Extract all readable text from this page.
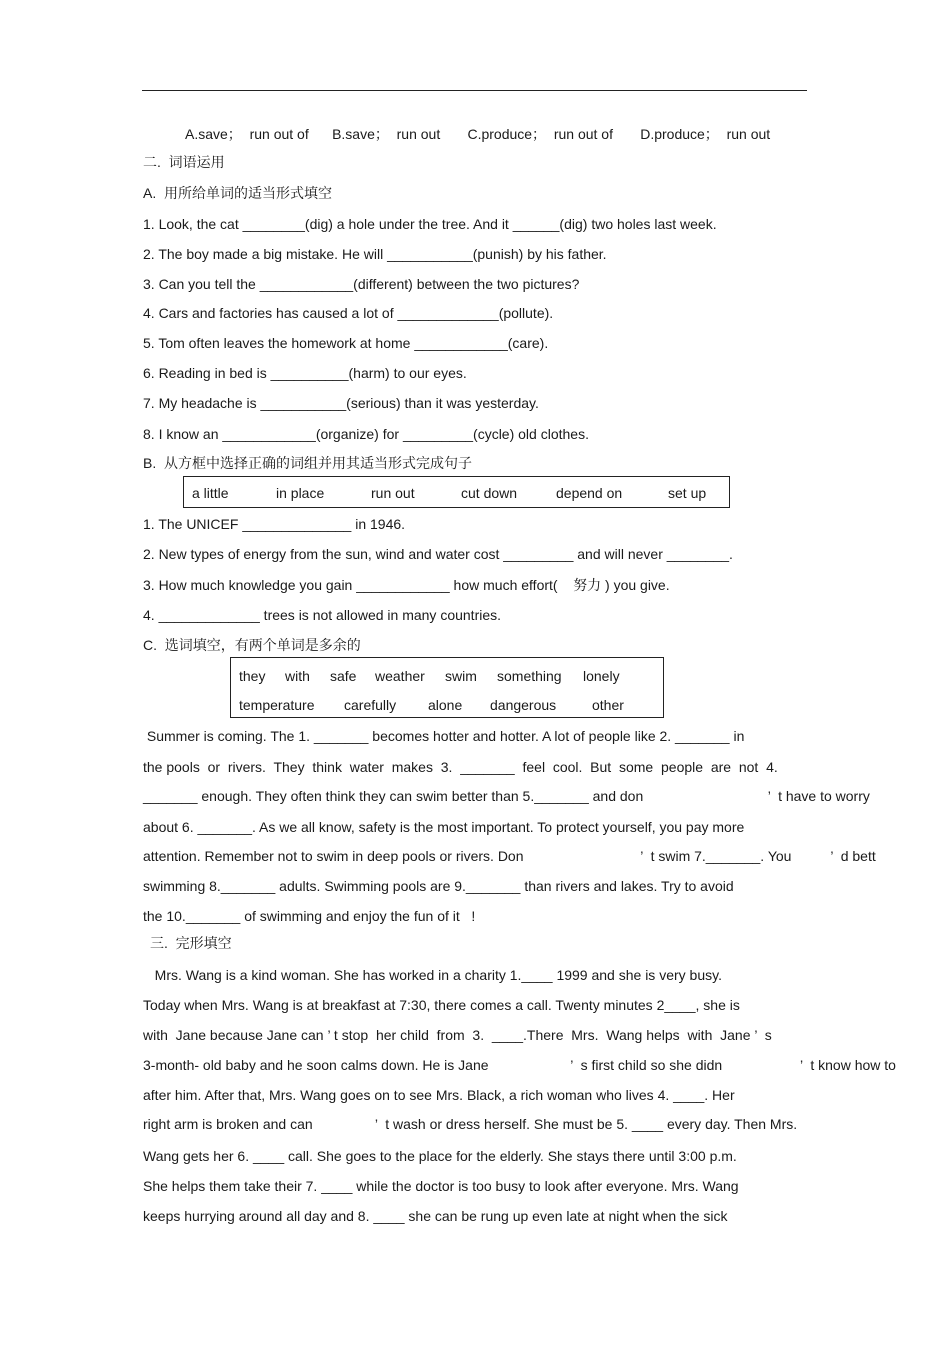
A.save；  run out of      B.save；  run out       C.produce；  run out of       D.produce；  run out
二.  词语运用
A.  用所给单词的适当形式填空
1. Look, the cat ________(dig) a hole under the tree. And it ______(dig) two holes last week.
2. The boy made a big mistake. He will ___________(punish) by his father.
3. Can you tell the ____________(different) between the two pictures?
4. Cars and factories has caused a lot of _____________(pollute).
5. Tom often leaves the homework at home ____________(care).
6. Reading in bed is __________(harm) to our eyes.
7. My headache is ___________(serious) than it was yesterday.
8. I know an ____________(organize) for _________(cycle) old clothes.
B.  从方框中选择正确的词组并用其适当形式完成句子
a little	in place	run out	cut down	depend on	set up
1. The UNICEF ______________ in 1946.
2. New types of energy from the sun, wind and water cost _________ and will never ________.
3. How much knowledge you gain ____________ how much effort(    努力 ) you give.
4. _____________ trees is not allowed in many countries.
C.  选词填空，有两个单词是多余的
they with safe weather swim something lonely
temperature carefully alone dangerous	other
Summer is coming. The 1. _______ becomes hotter and hotter. A lot of people like 2. _______ in
the pools  or  rivers.  They  think  water  makes  3.  _______  feel  cool.  But  some  people  are  not  4.
_______ enough. They often think they can swim better than 5._______ and don                                ’  t have to worry
about 6. _______. As we all know, safety is the most important. To protect yourself, you pay more
attention. Remember not to swim in deep pools or rivers. Don                              ’  t swim 7._______. You          ’  d bett
swimming 8._______ adults. Swimming pools are 9._______ than rivers and lakes. Try to avoid
the 10._______ of swimming and enjoy the fun of it   !
三.  完形填空
Mrs. Wang is a kind woman. She has worked in a charity 1.____ 1999 and she is very busy.
Today when Mrs. Wang is at breakfast at 7:30, there comes a call. Twenty minutes 2____, she is
with  Jane because Jane can ’ t stop  her child  from  3.  ____.There  Mrs.  Wang helps  with  Jane ’  s
3-month- old baby and he soon calms down. He is Jane                     ’  s first child so she didn                    ’  t know how to
after him. After that, Mrs. Wang goes on to see Mrs. Black, a rich woman who lives 4. ____. Her
right arm is broken and can                ’  t wash or dress herself. She must be 5. ____ every day. Then Mrs.
Wang gets her 6. ____ call. She goes to the place for the elderly. She stays there until 3:00 p.m.
She helps them take their 7. ____ while the doctor is too busy to look after everyone. Mrs. Wang
keeps hurrying around all day and 8. ____ she can be rung up even late at night when the sick
